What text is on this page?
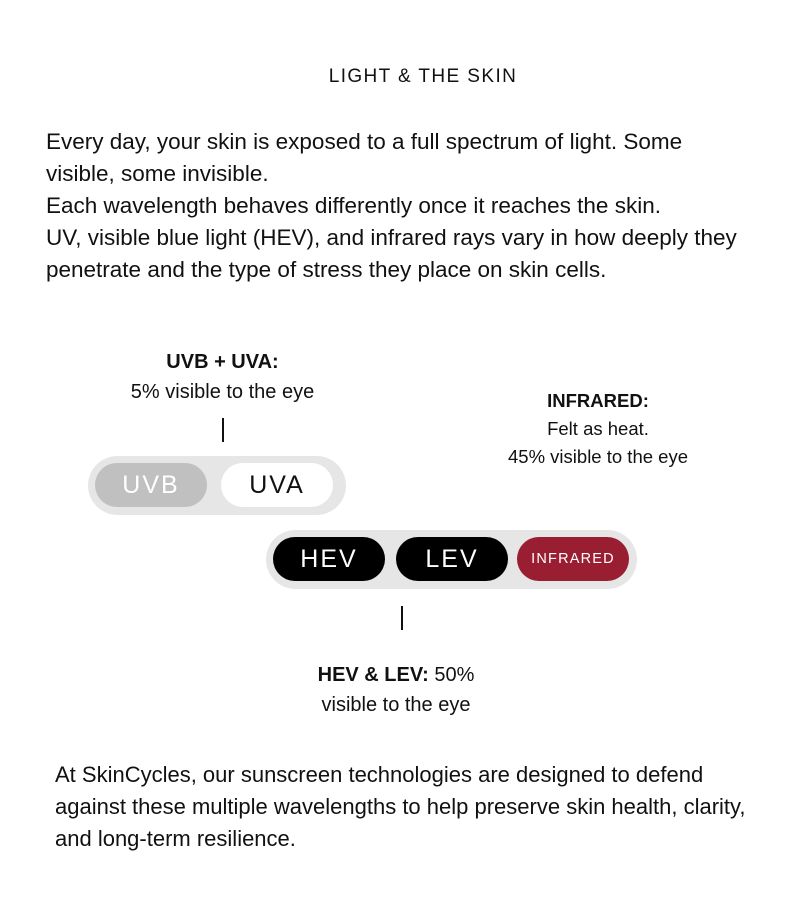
LIGHT & THE SKIN

Every day, your skin is exposed to a full spectrum of light. Some visible, some invisible.

Each wavelength behaves differently once it reaches the skin.

UV, visible blue light (HEV), and infrared rays vary in how deeply they penetrate and the type of stress they place on skin cells.

UVB + UVA:
5% visible to the eye	INFRARED:
Felt as heat.
45% visible to the eye
UVB	UVA
HEV	LEV	INFRARED
HEV & LEV: 50%
visible to the eye
At SkinCycles, our sunscreen technologies are designed to defend against these multiple wavelengths to help preserve skin health, clarity, and long-term resilience.
